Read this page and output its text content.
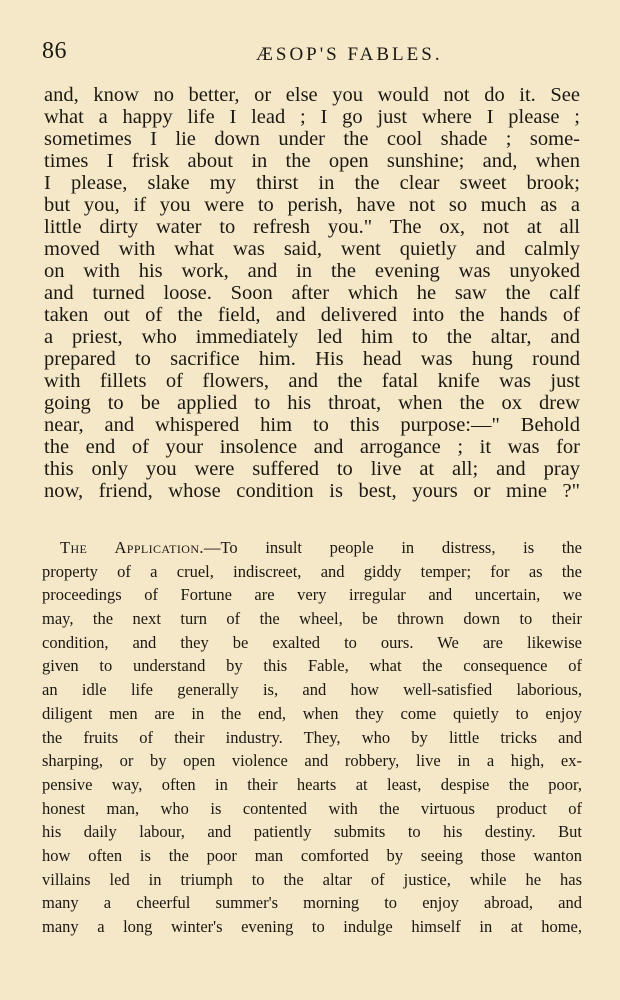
86	ÆSOP'S FABLES.
and, know no better, or else you would not do it. See
what a happy life I lead ; I go just where I please ;
sometimes I lie down under the cool shade ; some-
times I frisk about in the open sunshine; and, when
I please, slake my thirst in the clear sweet brook;
but you, if you were to perish, have not so much as a
little dirty water to refresh you." The ox, not at all
moved with what was said, went quietly and calmly
on with his work, and in the evening was unyoked
and turned loose. Soon after which he saw the calf
taken out of the field, and delivered into the hands of
a priest, who immediately led him to the altar, and
prepared to sacrifice him. His head was hung round
with fillets of flowers, and the fatal knife was just
going to be applied to his throat, when the ox drew
near, and whispered him to this purpose:—" Behold
the end of your insolence and arrogance ; it was for
this only you were suffered to live at all; and pray
now, friend, whose condition is best, yours or mine ?"
The Application.—To insult people in distress, is the
property of a cruel, indiscreet, and giddy temper; for as the
proceedings of Fortune are very irregular and uncertain, we
may, the next turn of the wheel, be thrown down to their
condition, and they be exalted to ours. We are likewise
given to understand by this Fable, what the consequence of
an idle life generally is, and how well-satisfied laborious,
diligent men are in the end, when they come quietly to enjoy
the fruits of their industry. They, who by little tricks and
sharping, or by open violence and robbery, live in a high, ex-
pensive way, often in their hearts at least, despise the poor,
honest man, who is contented with the virtuous product of
his daily labour, and patiently submits to his destiny. But
how often is the poor man comforted by seeing those wanton
villains led in triumph to the altar of justice, while he has
many a cheerful summer's morning to enjoy abroad, and
many a long winter's evening to indulge himself in at home,
